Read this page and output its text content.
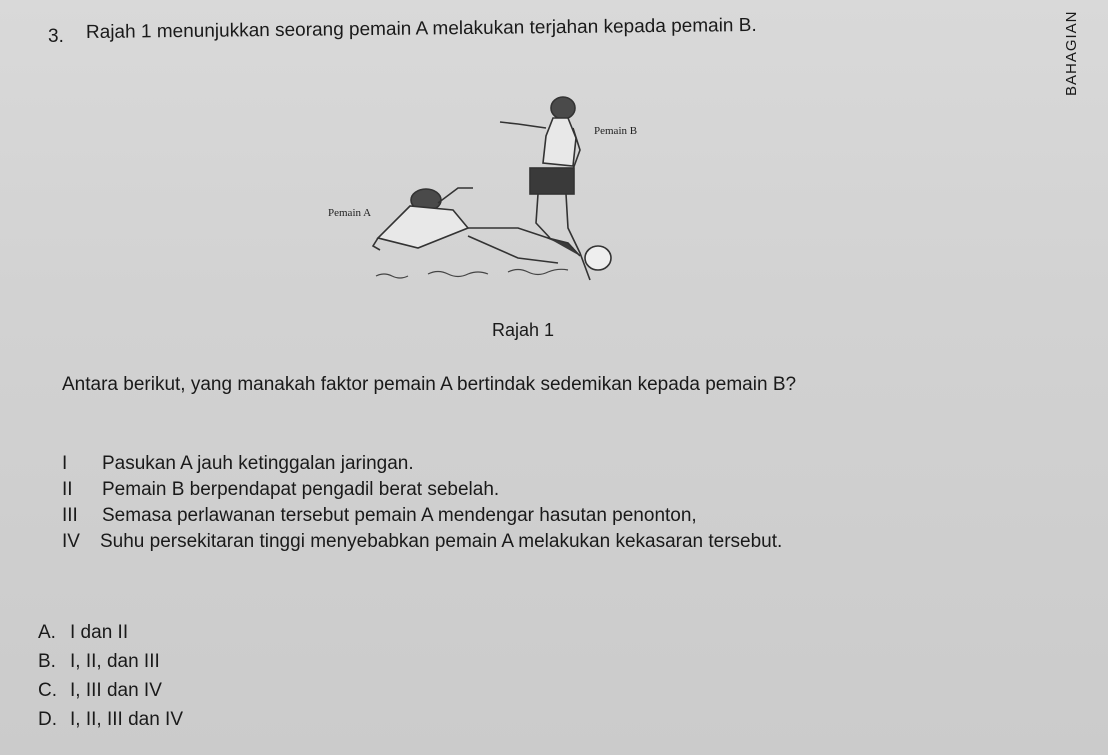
3. Rajah 1 menunjukkan seorang pemain A melakukan terjahan kepada pemain B.	BAHAGIAN
Pemain B
Pemain A
Rajah 1
Antara berikut, yang manakah faktor pemain A bertindak sedemikan kepada pemain B?
I Pasukan A jauh ketinggalan jaringan.
II Pemain B berpendapat pengadil berat sebelah.
III Semasa perlawanan tersebut pemain A mendengar hasutan penonton,
IV Suhu persekitaran tinggi menyebabkan pemain A melakukan kekasaran tersebut.
A. I dan II
B. I, II, dan III
C. I, III dan IV
D. I, II, III dan IV
